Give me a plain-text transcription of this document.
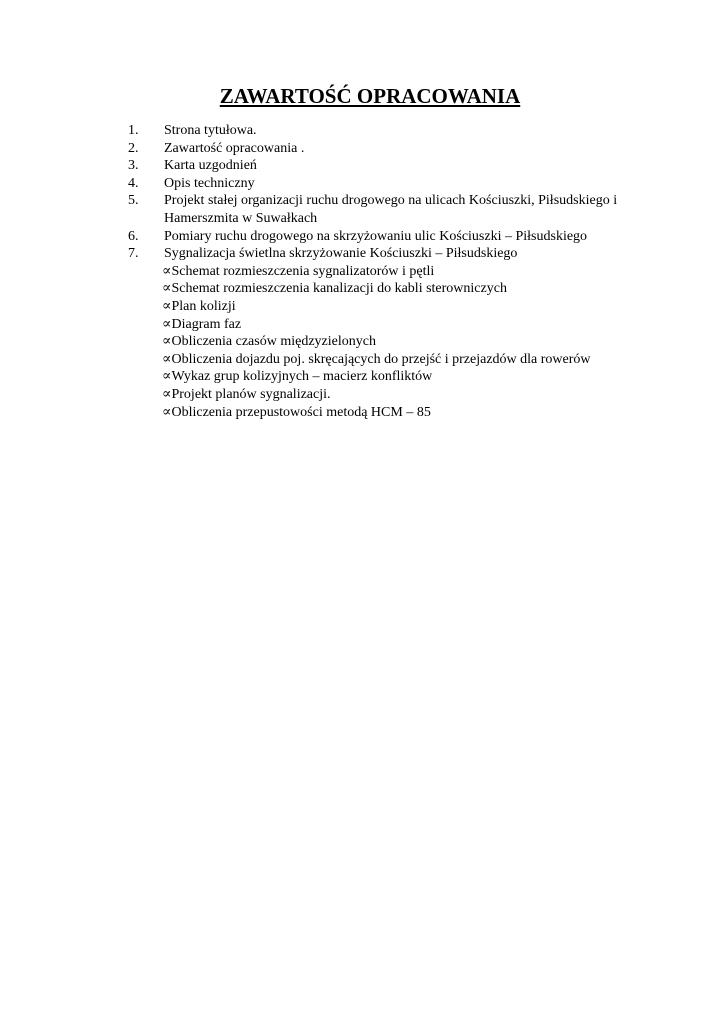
ZAWARTOŚĆ OPRACOWANIA
1. Strona tytułowa.
2. Zawartość opracowania .
3. Karta uzgodnień
4. Opis techniczny
5. Projekt stałej organizacji ruchu drogowego na ulicach Kościuszki, Piłsudskiego i Hamerszmita w Suwałkach
6. Pomiary ruchu drogowego na skrzyżowaniu ulic Kościuszki – Piłsudskiego
7. Sygnalizacja świetlna skrzyżowanie Kościuszki – Piłsudskiego
∝Schemat rozmieszczenia sygnalizatorów i pętli
∝Schemat rozmieszczenia kanalizacji do kabli sterowniczych
∝Plan kolizji
∝Diagram faz
∝Obliczenia czasów międzyzielonych
∝Obliczenia dojazdu poj. skręcających do przejść i przejazdów dla rowerów
∝Wykaz grup kolizyjnych – macierz konfliktów
∝Projekt planów sygnalizacji.
∝Obliczenia przepustowości metodą HCM – 85
